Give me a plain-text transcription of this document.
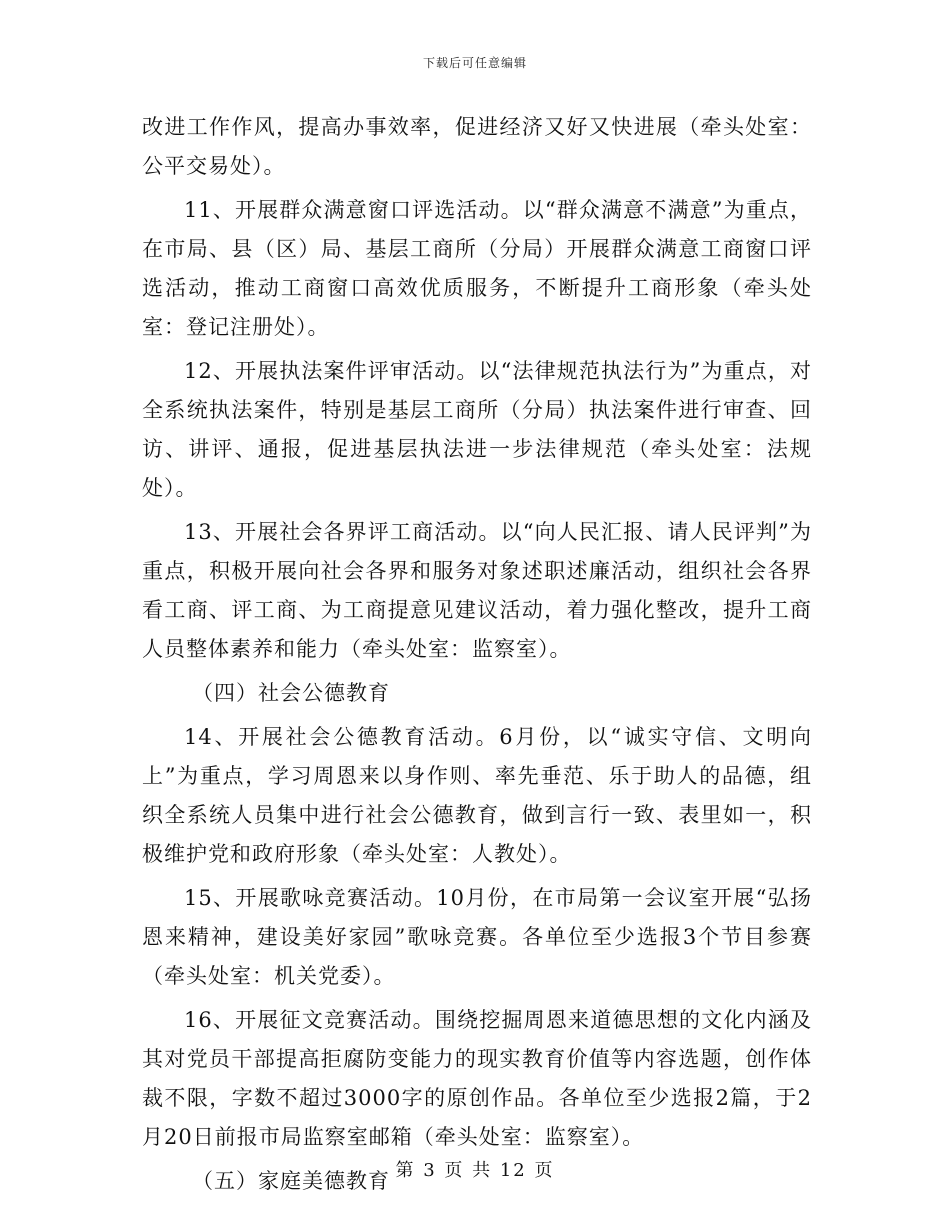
下载后可任意编辑

改进工作作风，提高办事效率，促进经济又好又快进展（牵头处室：公平交易处）。

11、开展群众满意窗口评选活动。以“群众满意不满意”为重点，在市局、县（区）局、基层工商所（分局）开展群众满意工商窗口评选活动，推动工商窗口高效优质服务，不断提升工商形象（牵头处室：登记注册处）。

12、开展执法案件评审活动。以“法律规范执法行为”为重点，对全系统执法案件，特别是基层工商所（分局）执法案件进行审查、回访、讲评、通报，促进基层执法进一步法律规范（牵头处室：法规处）。

13、开展社会各界评工商活动。以“向人民汇报、请人民评判”为重点，积极开展向社会各界和服务对象述职述廉活动，组织社会各界看工商、评工商、为工商提意见建议活动，着力强化整改，提升工商人员整体素养和能力（牵头处室：监察室）。

（四）社会公德教育

14、开展社会公德教育活动。6月份，以“诚实守信、文明向上”为重点，学习周恩来以身作则、率先垂范、乐于助人的品德，组织全系统人员集中进行社会公德教育，做到言行一致、表里如一，积极维护党和政府形象（牵头处室：人教处）。

15、开展歌咏竞赛活动。10月份，在市局第一会议室开展“弘扬恩来精神，建设美好家园”歌咏竞赛。各单位至少选报3个节目参赛（牵头处室：机关党委）。

16、开展征文竞赛活动。围绕挖掘周恩来道德思想的文化内涵及其对党员干部提高拒腐防变能力的现实教育价值等内容选题，创作体裁不限，字数不超过3000字的原创作品。各单位至少选报2篇，于2月20日前报市局监察室邮箱（牵头处室：监察室）。

（五）家庭美德教育 第 3 页 共 12 页
